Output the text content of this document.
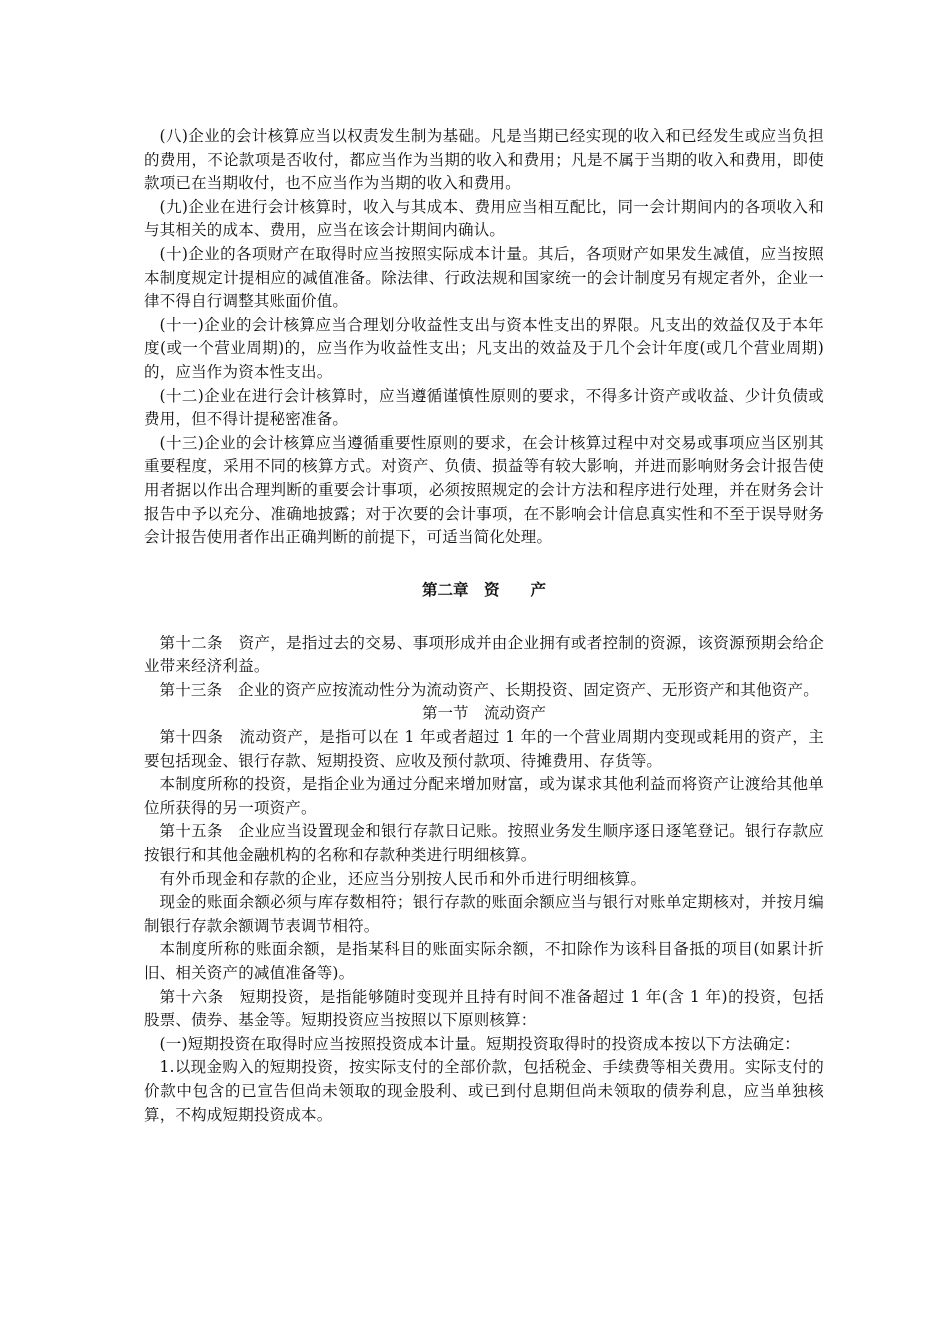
(八)企业的会计核算应当以权责发生制为基础。凡是当期已经实现的收入和已经发生或应当负担的费用，不论款项是否收付，都应当作为当期的收入和费用；凡是不属于当期的收入和费用，即使款项已在当期收付，也不应当作为当期的收入和费用。

(九)企业在进行会计核算时，收入与其成本、费用应当相互配比，同一会计期间内的各项收入和与其相关的成本、费用，应当在该会计期间内确认。

(十)企业的各项财产在取得时应当按照实际成本计量。其后，各项财产如果发生减值，应当按照本制度规定计提相应的减值准备。除法律、行政法规和国家统一的会计制度另有规定者外，企业一律不得自行调整其账面价值。

(十一)企业的会计核算应当合理划分收益性支出与资本性支出的界限。凡支出的效益仅及于本年度(或一个营业周期)的，应当作为收益性支出；凡支出的效益及于几个会计年度(或几个营业周期)的，应当作为资本性支出。

(十二)企业在进行会计核算时，应当遵循谨慎性原则的要求，不得多计资产或收益、少计负债或费用，但不得计提秘密准备。

(十三)企业的会计核算应当遵循重要性原则的要求，在会计核算过程中对交易或事项应当区别其重要程度，采用不同的核算方式。对资产、负债、损益等有较大影响，并进而影响财务会计报告使用者据以作出合理判断的重要会计事项，必须按照规定的会计方法和程序进行处理，并在财务会计报告中予以充分、准确地披露；对于次要的会计事项，在不影响会计信息真实性和不至于误导财务会计报告使用者作出正确判断的前提下，可适当简化处理。

第二章　资　　产

第十二条　资产，是指过去的交易、事项形成并由企业拥有或者控制的资源，该资源预期会给企业带来经济利益。

第十三条　企业的资产应按流动性分为流动资产、长期投资、固定资产、无形资产和其他资产。

第一节　流动资产

第十四条　流动资产，是指可以在 1 年或者超过 1 年的一个营业周期内变现或耗用的资产，主要包括现金、银行存款、短期投资、应收及预付款项、待摊费用、存货等。

本制度所称的投资，是指企业为通过分配来增加财富，或为谋求其他利益而将资产让渡给其他单位所获得的另一项资产。

第十五条　企业应当设置现金和银行存款日记账。按照业务发生顺序逐日逐笔登记。银行存款应按银行和其他金融机构的名称和存款种类进行明细核算。

有外币现金和存款的企业，还应当分别按人民币和外币进行明细核算。

现金的账面余额必须与库存数相符；银行存款的账面余额应当与银行对账单定期核对，并按月编制银行存款余额调节表调节相符。

本制度所称的账面余额，是指某科目的账面实际余额，不扣除作为该科目备抵的项目(如累计折旧、相关资产的减值准备等)。

第十六条　短期投资，是指能够随时变现并且持有时间不准备超过 1 年(含 1 年)的投资，包括股票、债券、基金等。短期投资应当按照以下原则核算：

(一)短期投资在取得时应当按照投资成本计量。短期投资取得时的投资成本按以下方法确定：

1.以现金购入的短期投资，按实际支付的全部价款，包括税金、手续费等相关费用。实际支付的价款中包含的已宣告但尚未领取的现金股利、或已到付息期但尚未领取的债券利息，应当单独核算，不构成短期投资成本。
